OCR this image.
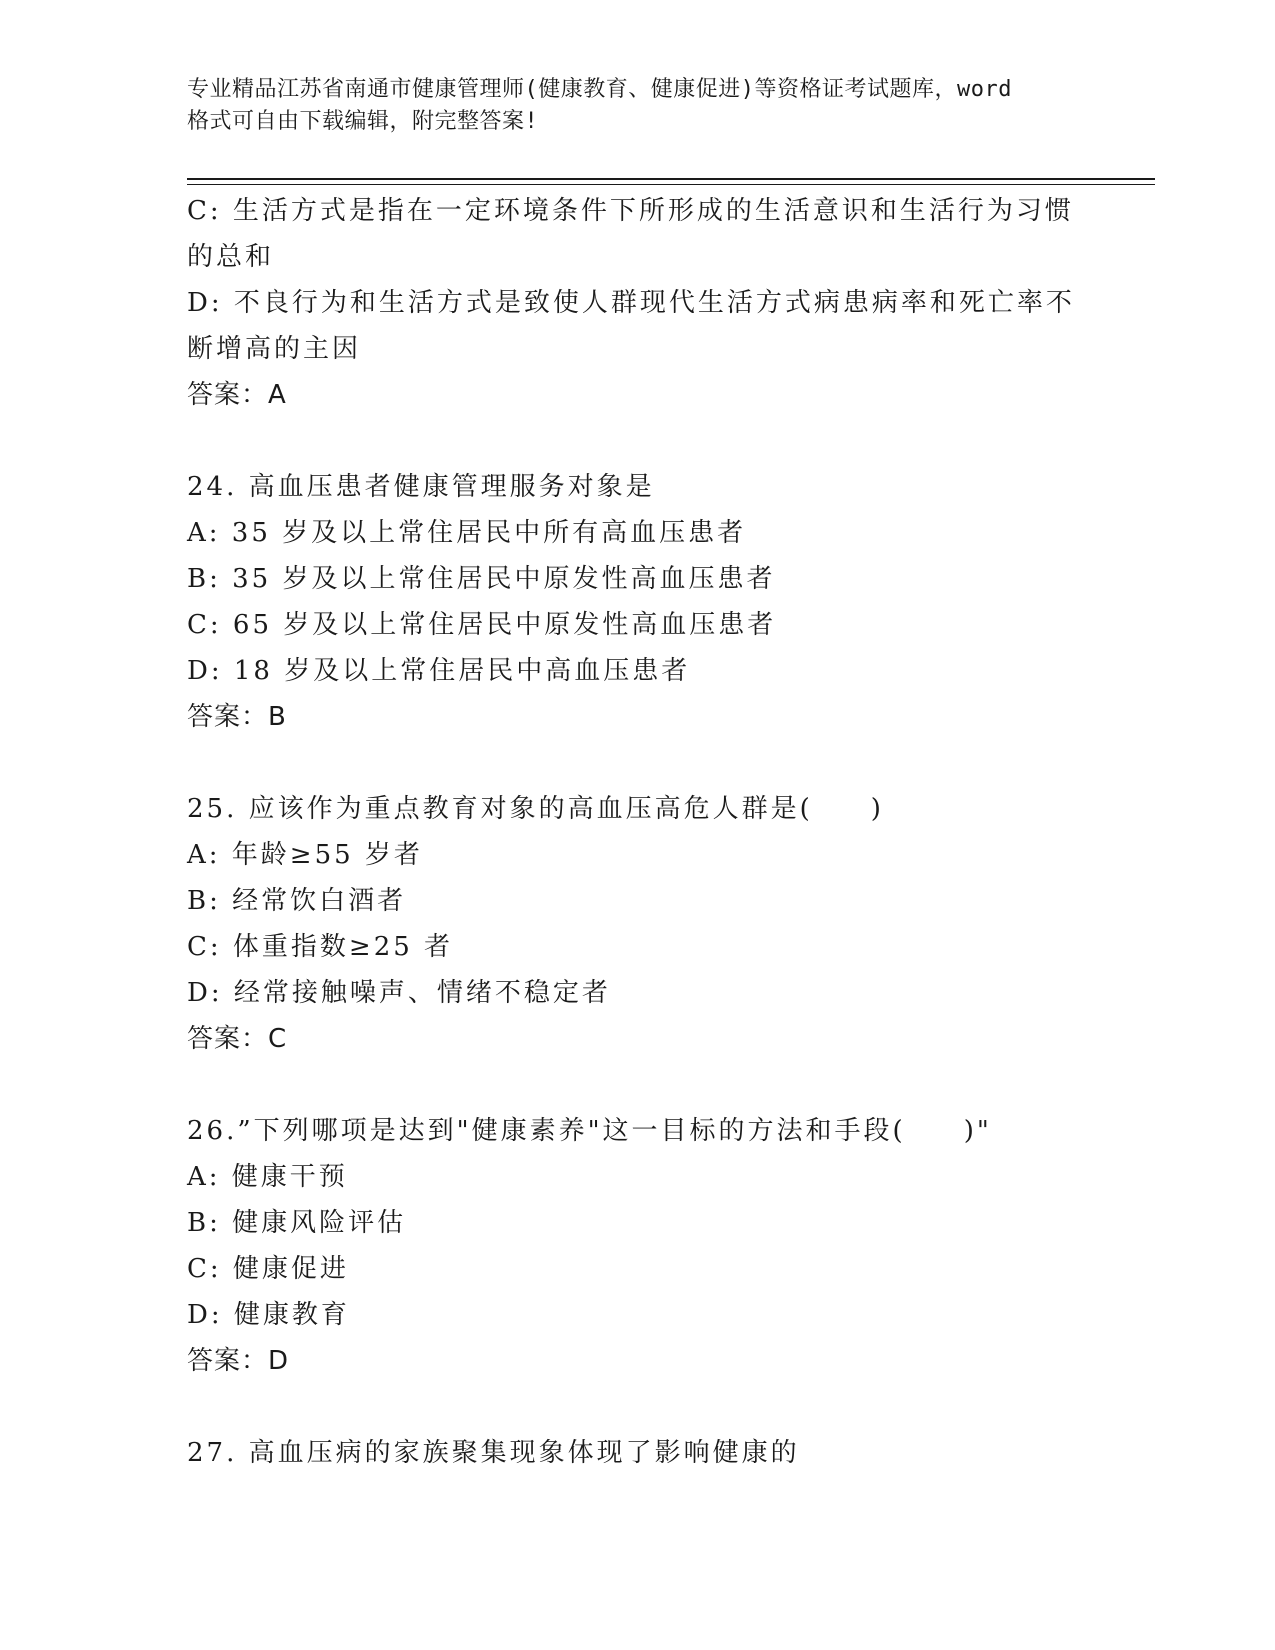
专业精品江苏省南通市健康管理师(健康教育、健康促进)等资格证考试题库，word
格式可自由下载编辑，附完整答案!
C: 生活方式是指在一定环境条件下所形成的生活意识和生活行为习惯
的总和
D: 不良行为和生活方式是致使人群现代生活方式病患病率和死亡率不
断增高的主因
答案：A
24. 高血压患者健康管理服务对象是
A: 35 岁及以上常住居民中所有高血压患者
B: 35 岁及以上常住居民中原发性高血压患者
C: 65 岁及以上常住居民中原发性高血压患者
D: 18 岁及以上常住居民中高血压患者
答案：B
25. 应该作为重点教育对象的高血压高危人群是(　　)
A: 年龄≥55 岁者
B: 经常饮白酒者
C: 体重指数≥25 者
D: 经常接触噪声、情绪不稳定者
答案：C
26.”下列哪项是达到"健康素养"这一目标的方法和手段(　　)"
A: 健康干预
B: 健康风险评估
C: 健康促进
D: 健康教育
答案：D
27. 高血压病的家族聚集现象体现了影响健康的
